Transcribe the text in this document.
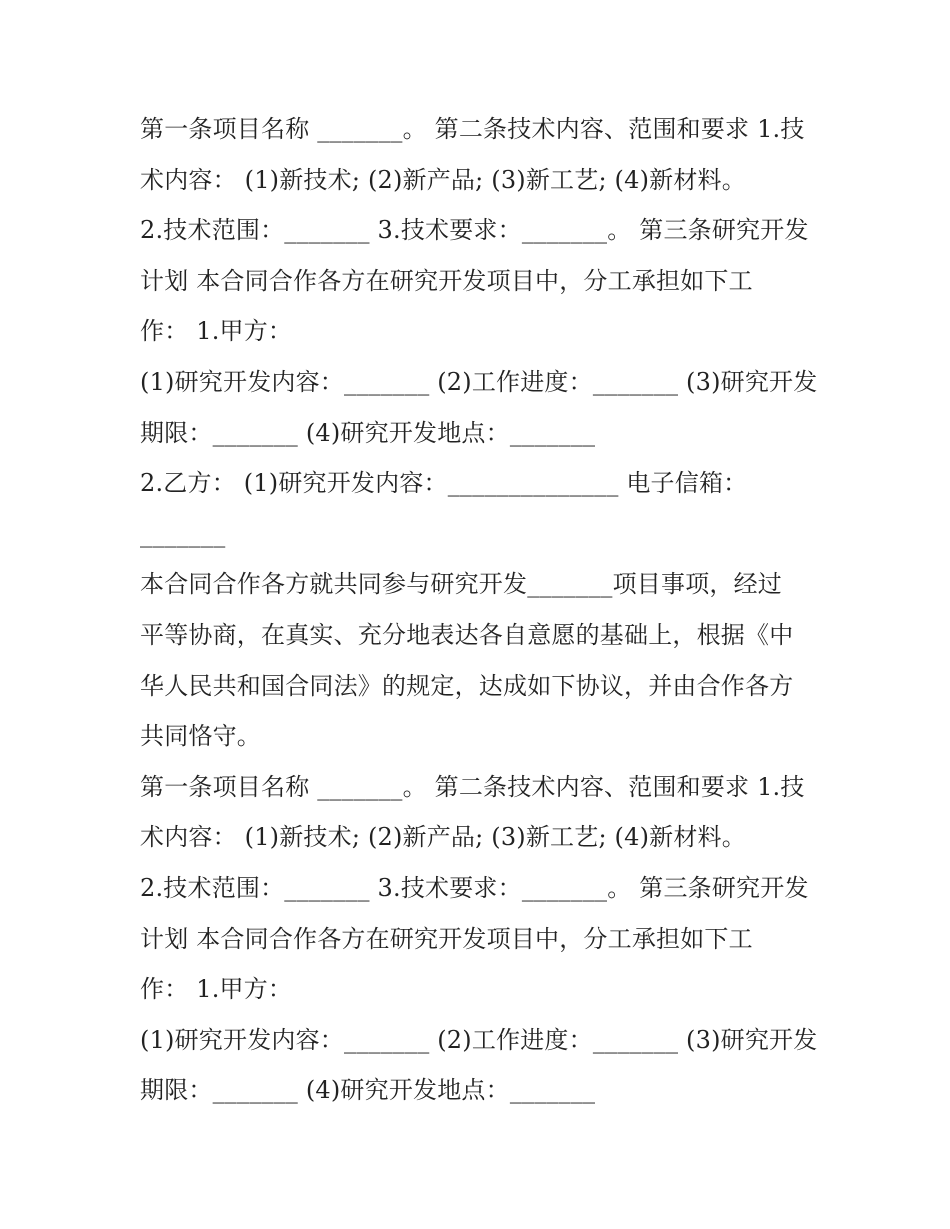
第一条项目名称 _______。 第二条技术内容、范围和要求 1.技
术内容： (1)新技术; (2)新产品; (3)新工艺; (4)新材料。
2.技术范围：_______ 3.技术要求：_______。 第三条研究开发
计划 本合同合作各方在研究开发项目中，分工承担如下工
作： 1.甲方：
(1)研究开发内容：_______ (2)工作进度：_______ (3)研究开发
期限：_______ (4)研究开发地点：_______
2.乙方： (1)研究开发内容：______________ 电子信箱：
_______
本合同合作各方就共同参与研究开发_______项目事项，经过
平等协商，在真实、充分地表达各自意愿的基础上，根据《中
华人民共和国合同法》的规定，达成如下协议，并由合作各方
共同恪守。
第一条项目名称 _______。 第二条技术内容、范围和要求 1.技
术内容： (1)新技术; (2)新产品; (3)新工艺; (4)新材料。
2.技术范围：_______ 3.技术要求：_______。 第三条研究开发
计划 本合同合作各方在研究开发项目中，分工承担如下工
作： 1.甲方：
(1)研究开发内容：_______ (2)工作进度：_______ (3)研究开发
期限：_______ (4)研究开发地点：_______
